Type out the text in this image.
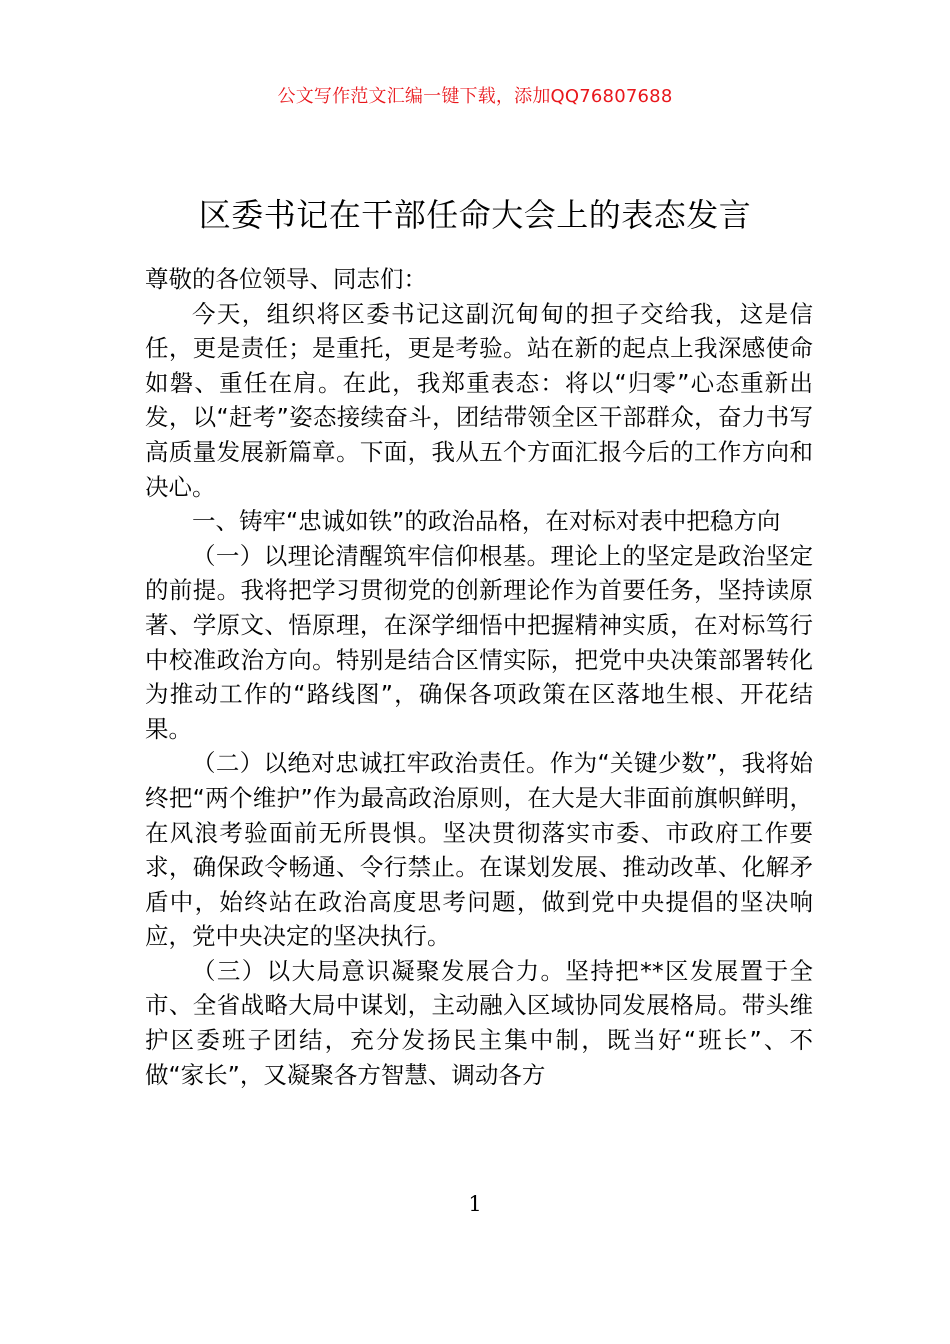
公文写作范文汇编一键下载，添加QQ76807688
区委书记在干部任命大会上的表态发言

尊敬的各位领导、同志们：

今天，组织将区委书记这副沉甸甸的担子交给我，这是信任，更是责任；是重托，更是考验。站在新的起点上我深感使命如磐、重任在肩。在此，我郑重表态：将以“归零”心态重新出发，以“赶考”姿态接续奋斗，团结带领全区干部群众，奋力书写高质量发展新篇章。下面，我从五个方面汇报今后的工作方向和决心。

一、铸牢“忠诚如铁”的政治品格，在对标对表中把稳方向

（一）以理论清醒筑牢信仰根基。理论上的坚定是政治坚定的前提。我将把学习贯彻党的创新理论作为首要任务，坚持读原著、学原文、悟原理，在深学细悟中把握精神实质，在对标笃行中校准政治方向。特别是结合区情实际，把党中央决策部署转化为推动工作的“路线图”，确保各项政策在区落地生根、开花结果。

（二）以绝对忠诚扛牢政治责任。作为“关键少数”，我将始终把“两个维护”作为最高政治原则，在大是大非面前旗帜鲜明，在风浪考验面前无所畏惧。坚决贯彻落实市委、市政府工作要求，确保政令畅通、令行禁止。在谋划发展、推动改革、化解矛盾中，始终站在政治高度思考问题，做到党中央提倡的坚决响应，党中央决定的坚决执行。

（三）以大局意识凝聚发展合力。坚持把**区发展置于全市、全省战略大局中谋划，主动融入区域协同发展格局。带头维护区委班子团结，充分发扬民主集中制，既当好“班长”、不做“家长”，又凝聚各方智慧、调动各方

1
